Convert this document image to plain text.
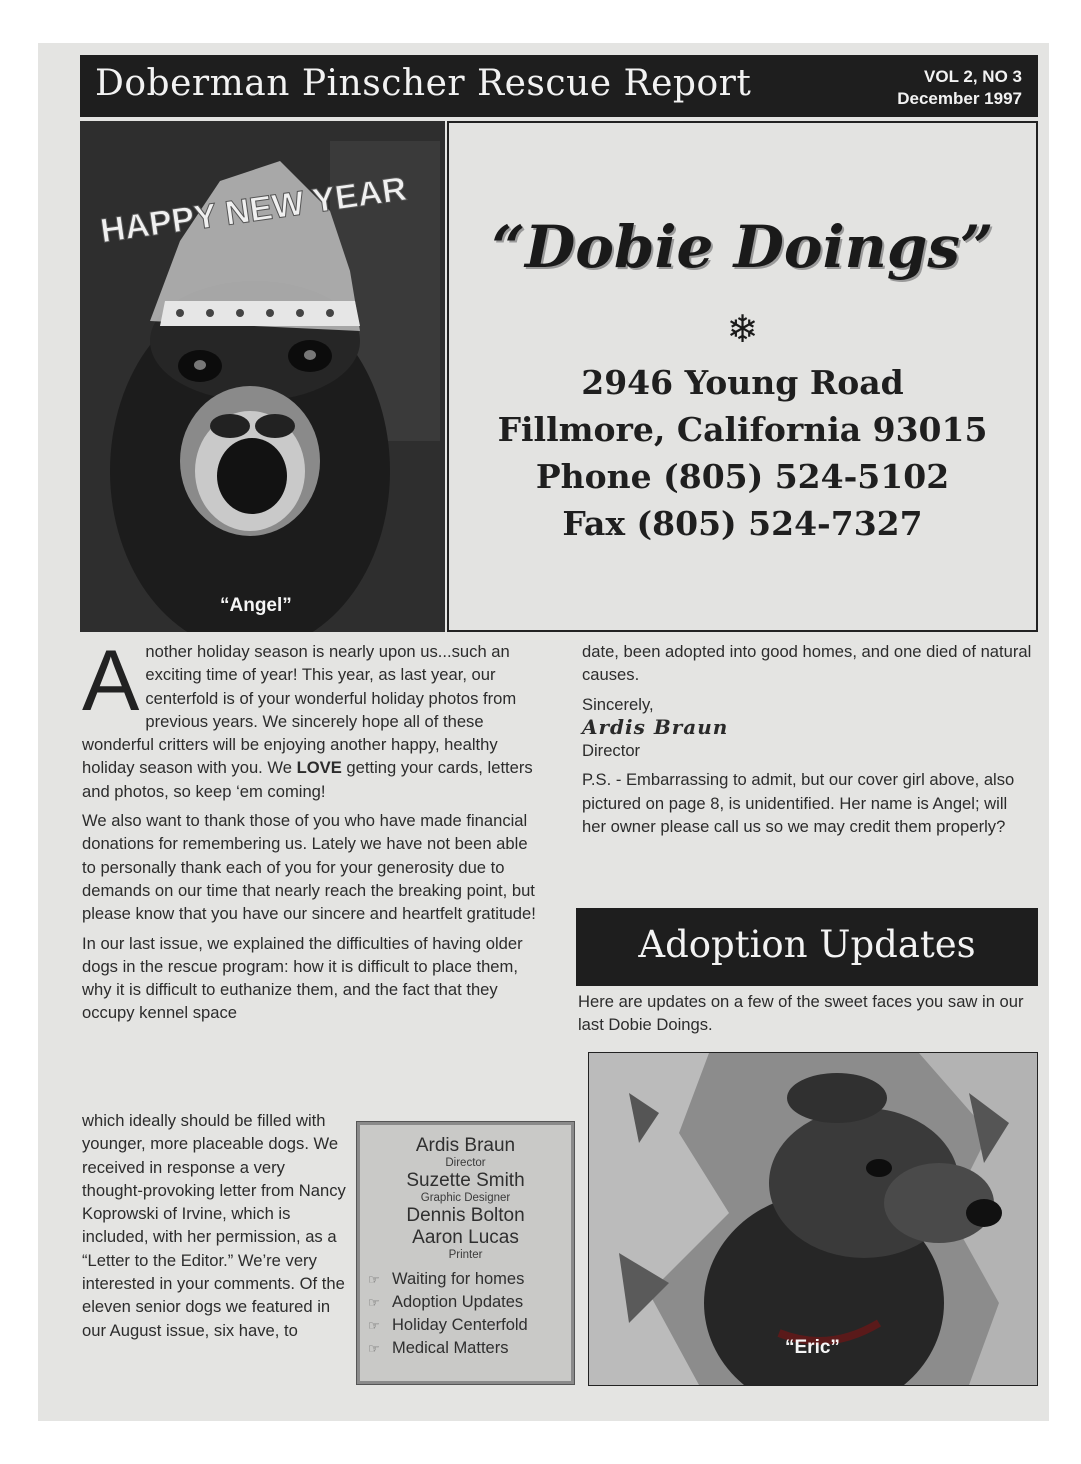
Doberman Pinscher Rescue Report	VOL 2, NO 3
December 1997
HAPPY NEW YEAR
“Angel”
“Dobie Doings”
❄
2946 Young Road
Fillmore, California 93015
Phone (805) 524-5102
Fax (805) 524-7327

Another holiday season is nearly upon us...such an exciting time of year! This year, as last year, our centerfold is of your wonderful holiday photos from previous years. We sincerely hope all of these wonderful critters will be enjoying another happy, healthy holiday season with you. We LOVE getting your cards, letters and photos, so keep ‘em coming!

We also want to thank those of you who have made financial donations for remembering us. Lately we have not been able to personally thank each of you for your generosity due to demands on our time that nearly reach the breaking point, but please know that you have our sincere and heartfelt gratitude!

In our last issue, we explained the difficulties of having older dogs in the rescue program: how it is difficult to place them, why it is difficult to euthanize them, and the fact that they occupy kennel space

which ideally should be filled with younger, more placeable dogs. We received in response a very thought-provoking letter from Nancy Koprowski of Irvine, which is included, with her permission, as a “Letter to the Editor.” We’re very interested in your comments. Of the eleven senior dogs we featured in our August issue, six have, to

Ardis Braun
Director
Suzette Smith
Graphic Designer
Dennis Bolton
Aaron Lucas
Printer
☞ Waiting for homes
☞ Adoption Updates
☞ Holiday Centerfold
☞ Medical Matters

date, been adopted into good homes, and one died of natural causes.

Sincerely,

Ardis Braun

Director

P.S. - Embarrassing to admit, but our cover girl above, also pictured on page 8, is unidentified. Her name is Angel; will her owner please call us so we may credit them properly?

Adoption Updates
Here are updates on a few of the sweet faces you saw in our last Dobie Doings.
“Eric”
